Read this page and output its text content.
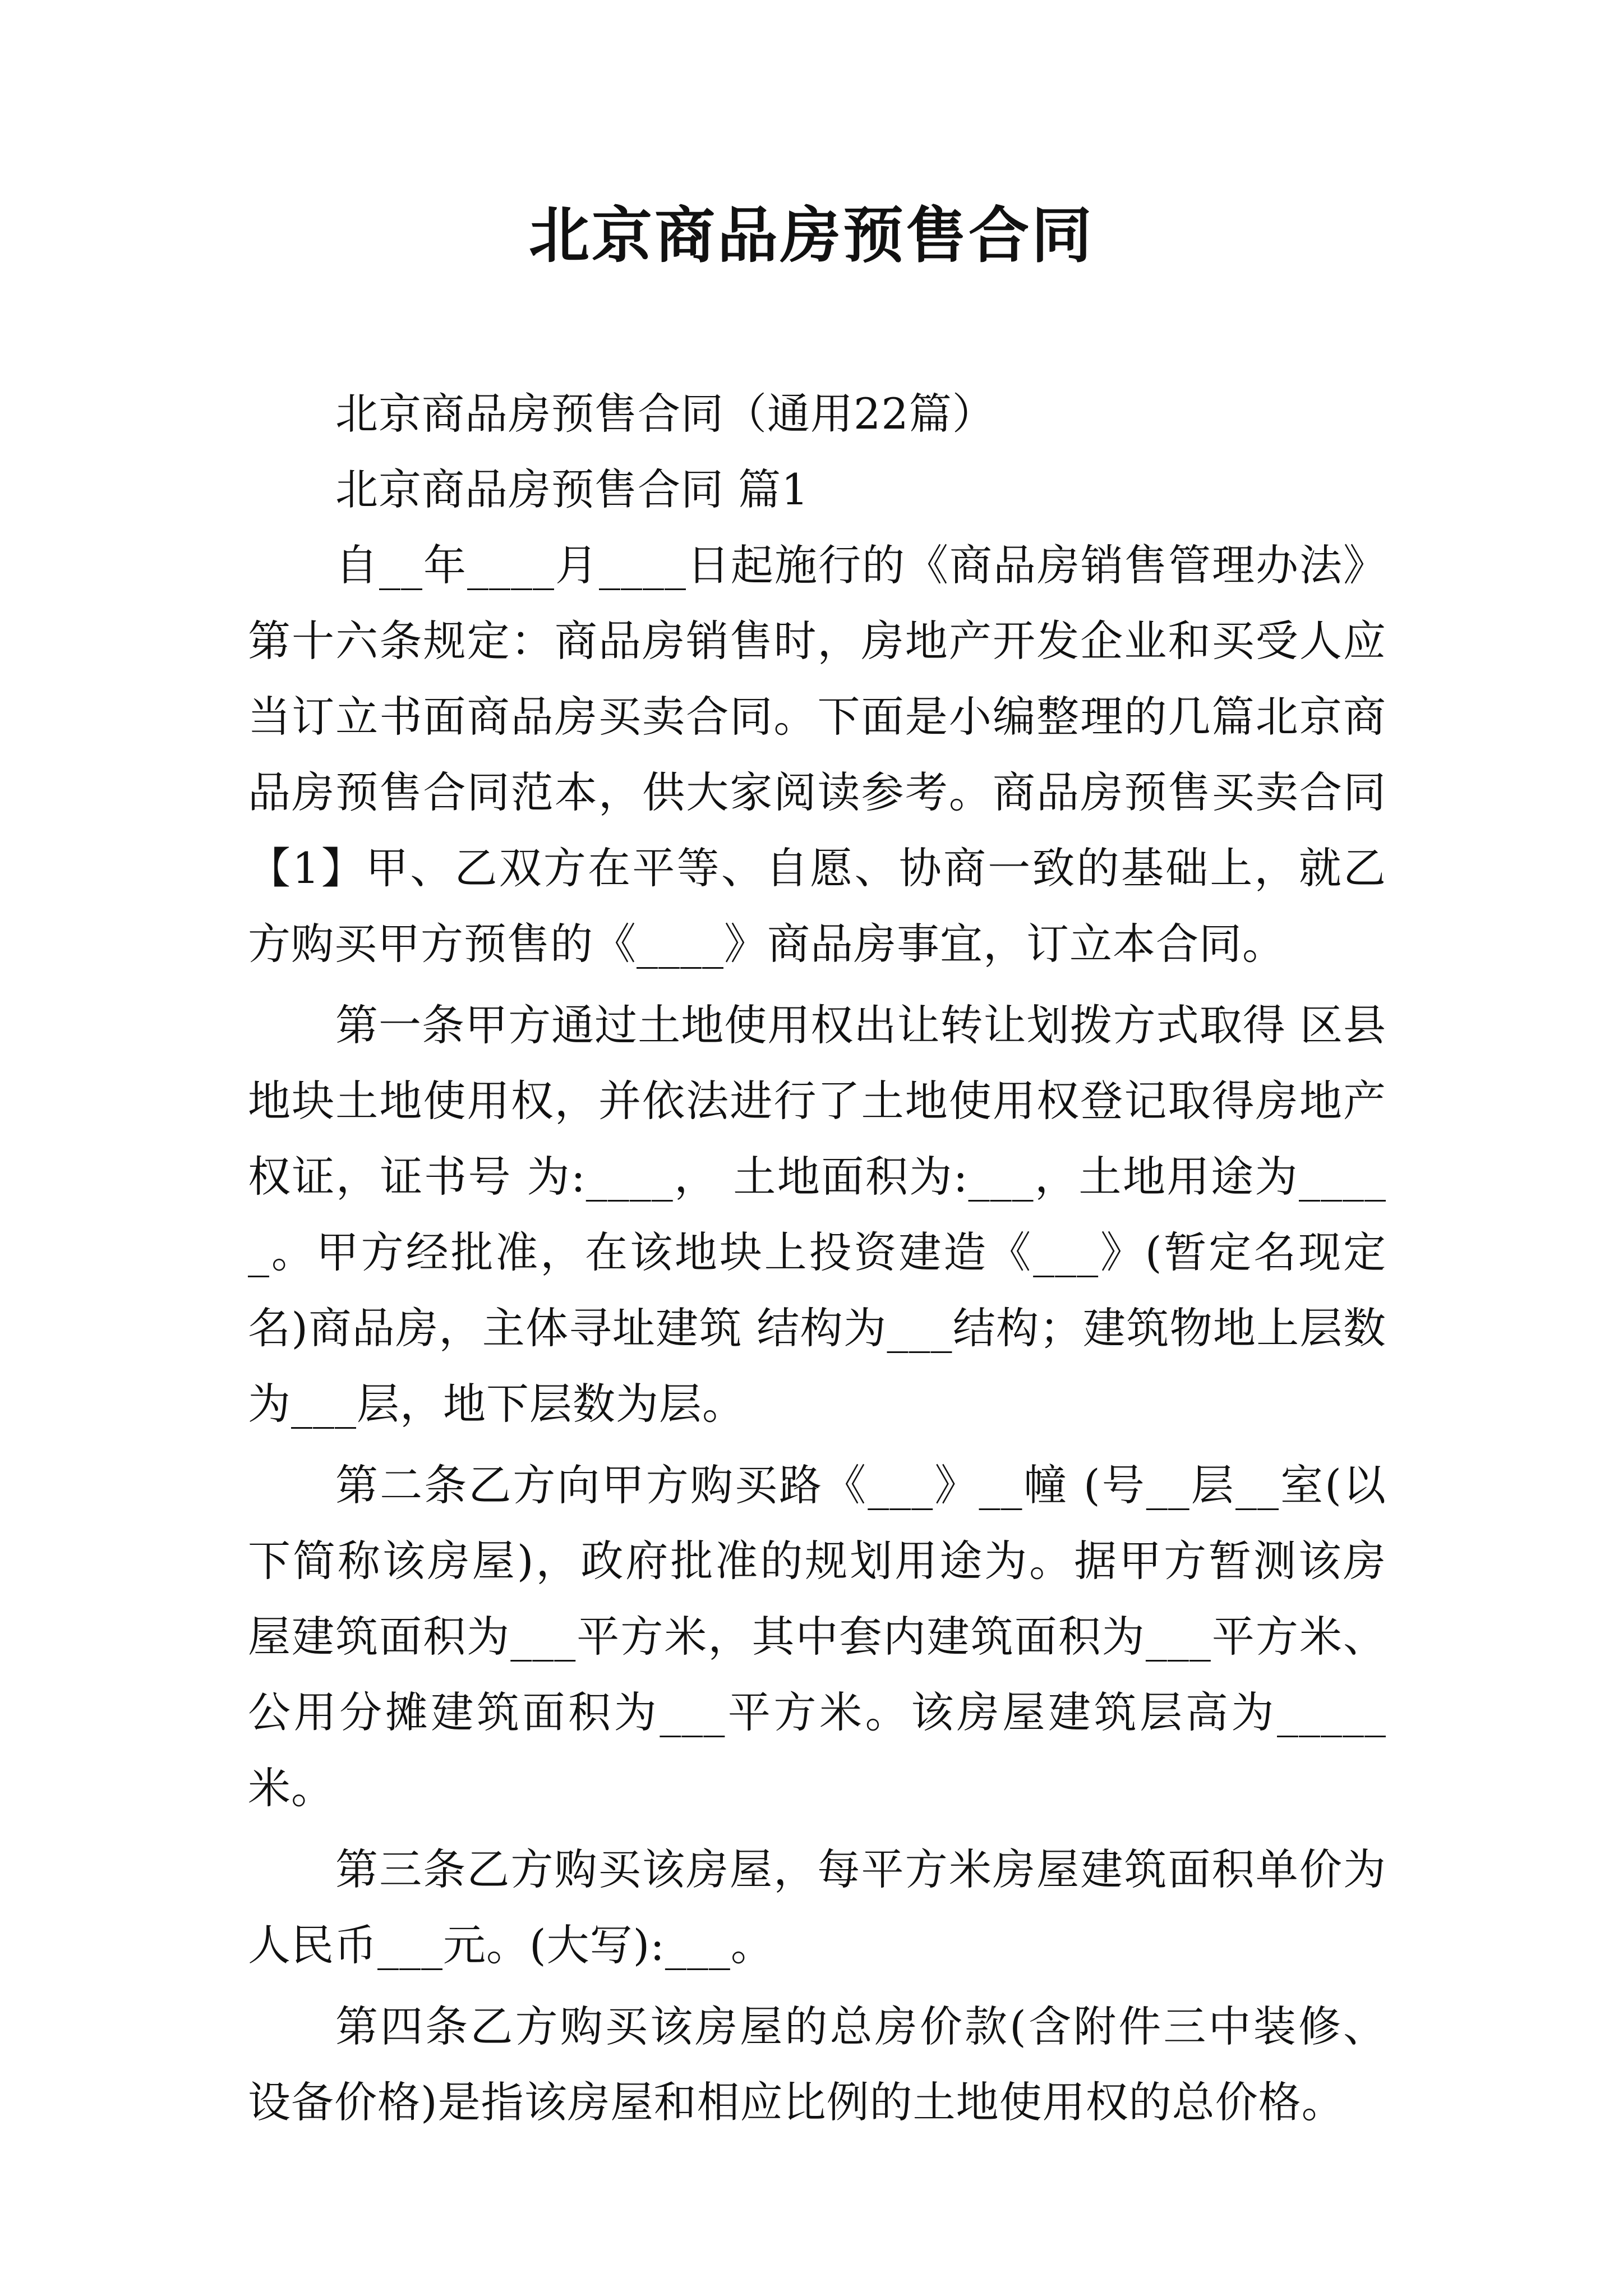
北京商品房预售合同

北京商品房预售合同（通用22篇）

北京商品房预售合同 篇1

自__年____月____日起施行的《商品房销售管理办法》第十六条规定：商品房销售时，房地产开发企业和买受人应当订立书面商品房买卖合同。下面是小编整理的几篇北京商品房预售合同范本，供大家阅读参考。商品房预售买卖合同【1】甲、乙双方在平等、自愿、协商一致的基础上，就乙方购买甲方预售的《____》商品房事宜，订立本合同。

第一条甲方通过土地使用权出让转让划拨方式取得 区县地块土地使用权，并依法进行了土地使用权登记取得房地产权证，证书号 为:____， 土地面积为:___，土地用途为_____。甲方经批准，在该地块上投资建造《___》(暂定名现定名)商品房，主体寻址建筑 结构为___结构；建筑物地上层数为___层，地下层数为层。

第二条乙方向甲方购买路《___》__幢 (号__层__室(以下简称该房屋)，政府批准的规划用途为。据甲方暂测该房屋建筑面积为___平方米，其中套内建筑面积为___平方米、公用分摊建筑面积为___平方米。该房屋建筑层高为_____米。

第三条乙方购买该房屋，每平方米房屋建筑面积单价为人民币___元。(大写):___。

第四条乙方购买该房屋的总房价款(含附件三中装修、设备价格)是指该房屋和相应比例的土地使用权的总价格。
